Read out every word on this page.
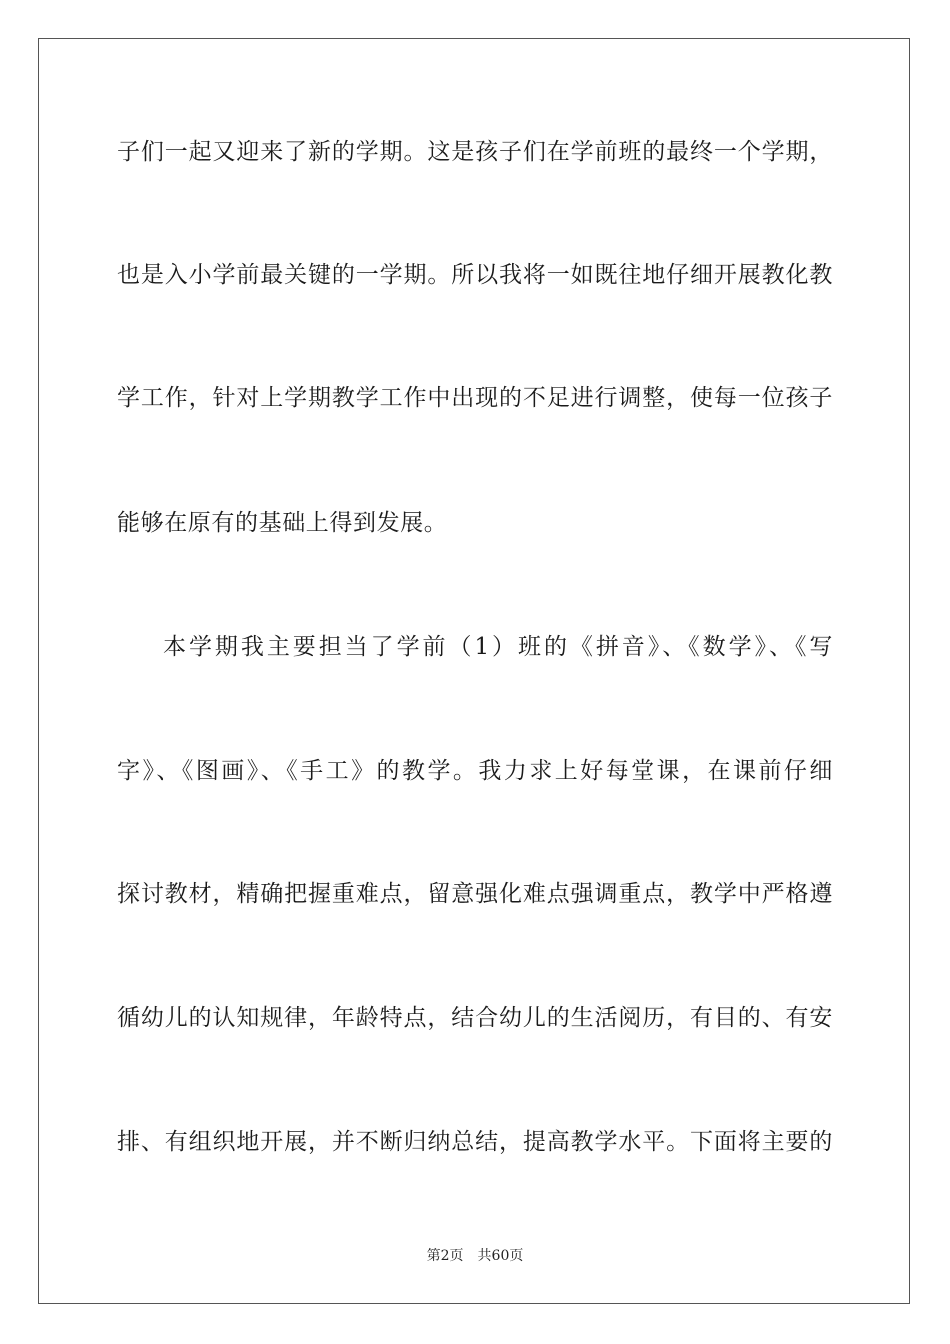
子们一起又迎来了新的学期。这是孩子们在学前班的最终一个学期，
也是入小学前最关键的一学期。所以我将一如既往地仔细开展教化教
学工作，针对上学期教学工作中出现的不足进行调整，使每一位孩子
能够在原有的基础上得到发展。
本学期我主要担当了学前（1）班的《拼音》、《数学》、《写
字》、《图画》、《手工》的教学。我力求上好每堂课，在课前仔细
探讨教材，精确把握重难点，留意强化难点强调重点，教学中严格遵
循幼儿的认知规律，年龄特点，结合幼儿的生活阅历，有目的、有安
排、有组织地开展，并不断归纳总结，提高教学水平。下面将主要的
第2页 共60页
